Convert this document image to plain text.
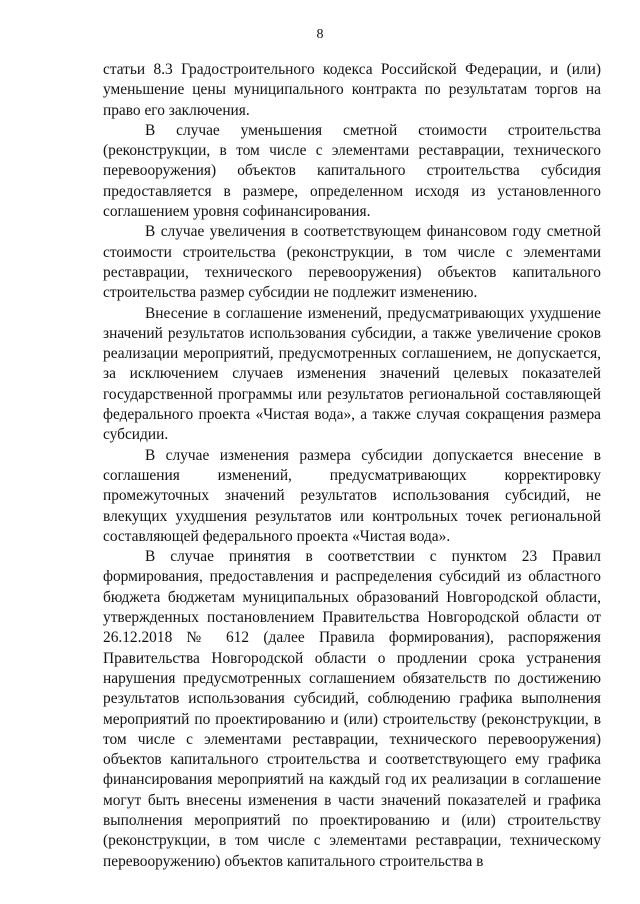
8

статьи 8.3 Градостроительного кодекса Российской Федерации, и (или) уменьшение цены муниципального контракта по результатам торгов на право его заключения.

В случае уменьшения сметной стоимости строительства (реконструкции, в том числе с элементами реставрации, технического перевооружения) объектов капитального строительства субсидия предоставляется в размере, определенном исходя из установленного соглашением уровня софинансирования.

В случае увеличения в соответствующем финансовом году сметной стоимости строительства (реконструкции, в том числе с элементами реставрации, технического перевооружения) объектов капитального строительства размер субсидии не подлежит изменению.

Внесение в соглашение изменений, предусматривающих ухудшение значений результатов использования субсидии, а также увеличение сроков реализации мероприятий, предусмотренных соглашением, не допускается, за исключением случаев изменения значений целевых показателей государственной программы или результатов региональной составляющей федерального проекта «Чистая вода», а также случая сокращения размера субсидии.

В случае изменения размера субсидии допускается внесение в соглашения изменений, предусматривающих корректировку промежуточных значений результатов использования субсидий, не влекущих ухудшения результатов или контрольных точек региональной составляющей федерального проекта «Чистая вода».

В случае принятия в соответствии с пунктом 23 Правил формирования, предоставления и распределения субсидий из областного бюджета бюджетам муниципальных образований Новгородской области, утвержденных постановлением Правительства Новгородской области от 26.12.2018 № 612 (далее Правила формирования), распоряжения Правительства Новгородской области о продлении срока устранения нарушения предусмотренных соглашением обязательств по достижению результатов использования субсидий, соблюдению графика выполнения мероприятий по проектированию и (или) строительству (реконструкции, в том числе с элементами реставрации, технического перевооружения) объектов капитального строительства и соответствующего ему графика финансирования мероприятий на каждый год их реализации в соглашение могут быть внесены изменения в части значений показателей и графика выполнения мероприятий по проектированию и (или) строительству (реконструкции, в том числе с элементами реставрации, техническому перевооружению) объектов капитального строительства в
